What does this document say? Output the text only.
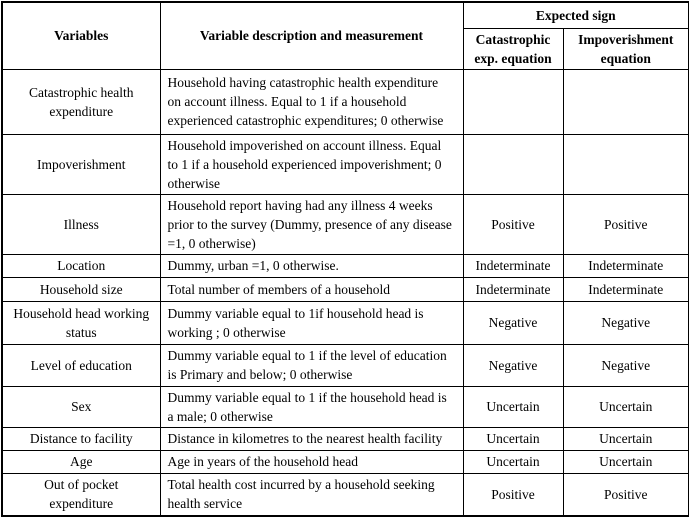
Variables	Variable description and measurement	Expected sign	
		Catastrophic exp. equation	Impoverishment equation
Catastrophic health expenditure	Household having catastrophic health expenditure on account illness. Equal to 1 if a household experienced catastrophic expenditures; 0 otherwise		
Impoverishment	Household impoverished on account illness. Equal to 1 if a household experienced impoverishment; 0 otherwise		
Illness	Household report having had any illness 4 weeks prior to the survey (Dummy, presence of any disease =1, 0 otherwise)	Positive	Positive
Location	Dummy, urban =1, 0 otherwise.	Indeterminate	Indeterminate
Household size	Total number of members of a household	Indeterminate	Indeterminate
Household head working status	Dummy variable equal to 1if household head is working ; 0 otherwise	Negative	Negative
Level of education	Dummy variable equal to 1 if the level of education is Primary and below; 0 otherwise	Negative	Negative
Sex	Dummy variable equal to 1 if the household head is a male; 0 otherwise	Uncertain	Uncertain
Distance to facility	Distance in kilometres to the nearest health facility	Uncertain	Uncertain
Age	Age in years of the household head	Uncertain	Uncertain
Out of pocket expenditure	Total health cost incurred by a household seeking health service	Positive	Positive
